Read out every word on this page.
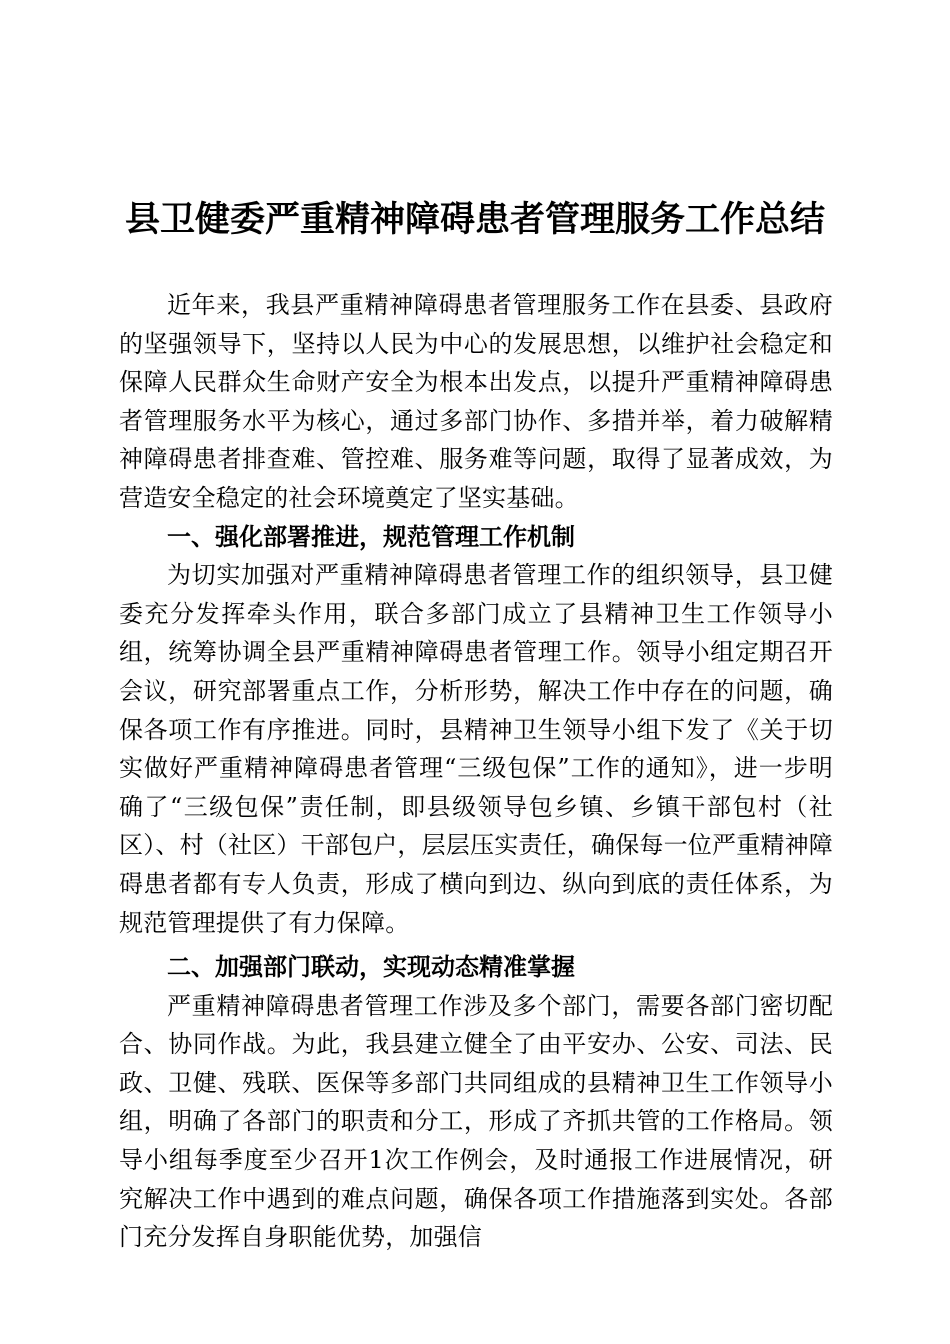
县卫健委严重精神障碍患者管理服务工作总结

近年来，我县严重精神障碍患者管理服务工作在县委、县政府的坚强领导下，坚持以人民为中心的发展思想，以维护社会稳定和保障人民群众生命财产安全为根本出发点，以提升严重精神障碍患者管理服务水平为核心，通过多部门协作、多措并举，着力破解精神障碍患者排查难、管控难、服务难等问题，取得了显著成效，为营造安全稳定的社会环境奠定了坚实基础。

一、强化部署推进，规范管理工作机制

为切实加强对严重精神障碍患者管理工作的组织领导，县卫健委充分发挥牵头作用，联合多部门成立了县精神卫生工作领导小组，统筹协调全县严重精神障碍患者管理工作。领导小组定期召开会议，研究部署重点工作，分析形势，解决工作中存在的问题，确保各项工作有序推进。同时，县精神卫生领导小组下发了《关于切实做好严重精神障碍患者管理“三级包保”工作的通知》，进一步明确了“三级包保”责任制，即县级领导包乡镇、乡镇干部包村（社区）、村（社区）干部包户，层层压实责任，确保每一位严重精神障碍患者都有专人负责，形成了横向到边、纵向到底的责任体系，为规范管理提供了有力保障。

二、加强部门联动，实现动态精准掌握

严重精神障碍患者管理工作涉及多个部门，需要各部门密切配合、协同作战。为此，我县建立健全了由平安办、公安、司法、民政、卫健、残联、医保等多部门共同组成的县精神卫生工作领导小组，明确了各部门的职责和分工，形成了齐抓共管的工作格局。领导小组每季度至少召开1次工作例会，及时通报工作进展情况，研究解决工作中遇到的难点问题，确保各项工作措施落到实处。各部门充分发挥自身职能优势，加强信
